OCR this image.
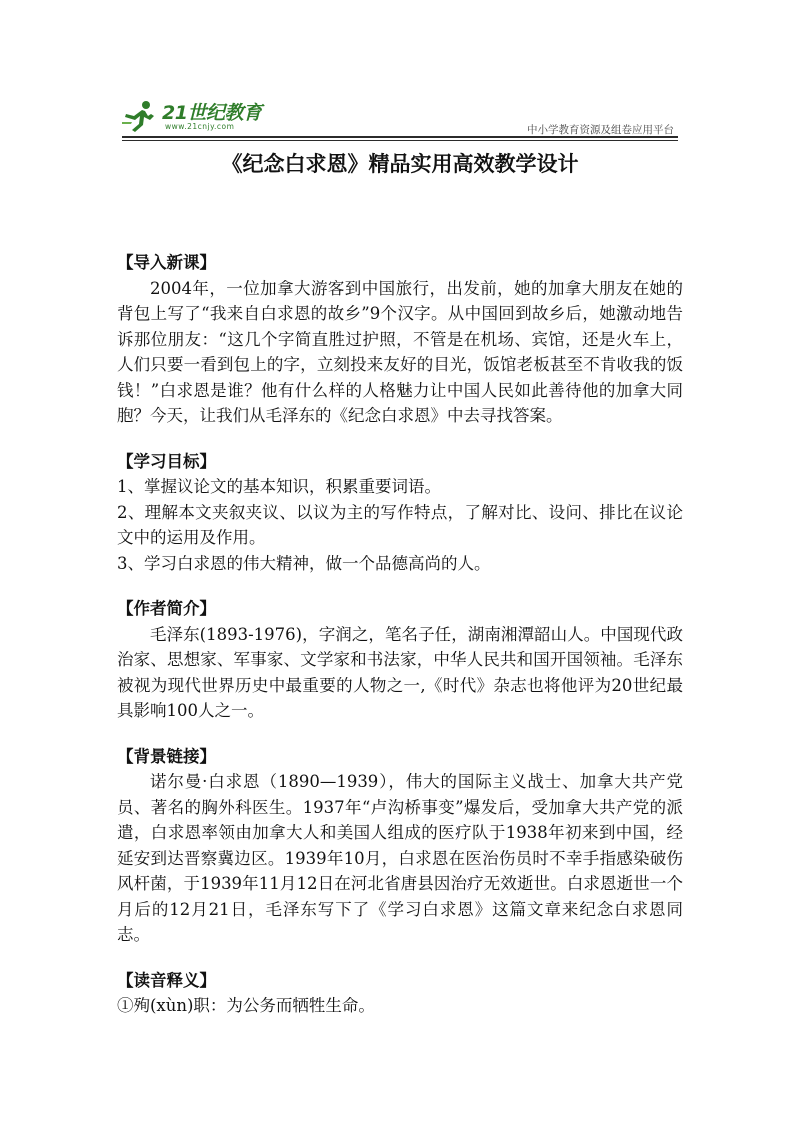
21世纪教育
www.21cnjy.com	中小学教育资源及组卷应用平台
《纪念白求恩》精品实用高效教学设计
【导入新课】

2004年，一位加拿大游客到中国旅行，出发前，她的加拿大朋友在她的背包上写了“我来自白求恩的故乡”9个汉字。从中国回到故乡后，她激动地告诉那位朋友：“这几个字简直胜过护照，不管是在机场、宾馆，还是火车上，人们只要一看到包上的字，立刻投来友好的目光，饭馆老板甚至不肯收我的饭钱！”白求恩是谁？他有什么样的人格魅力让中国人民如此善待他的加拿大同胞？今天，让我们从毛泽东的《纪念白求恩》中去寻找答案。

【学习目标】

1、掌握议论文的基本知识，积累重要词语。

2、理解本文夹叙夹议、以议为主的写作特点，了解对比、设问、排比在议论文中的运用及作用。

3、学习白求恩的伟大精神，做一个品德高尚的人。

【作者简介】

毛泽东(1893-1976)，字润之，笔名子任，湖南湘潭韶山人。中国现代政治家、思想家、军事家、文学家和书法家，中华人民共和国开国领袖。毛泽东被视为现代世界历史中最重要的人物之一,《时代》杂志也将他评为20世纪最具影响100人之一。

【背景链接】

诺尔曼·白求恩（1890—1939），伟大的国际主义战士、加拿大共产党员、著名的胸外科医生。1937年“卢沟桥事变”爆发后，受加拿大共产党的派遣，白求恩率领由加拿大人和美国人组成的医疗队于1938年初来到中国，经延安到达晋察冀边区。1939年10月，白求恩在医治伤员时不幸手指感染破伤风杆菌，于1939年11月12日在河北省唐县因治疗无效逝世。白求恩逝世一个月后的12月21日，毛泽东写下了《学习白求恩》这篇文章来纪念白求恩同志。

【读音释义】

①殉(xùn)职：为公务而牺牲生命。
